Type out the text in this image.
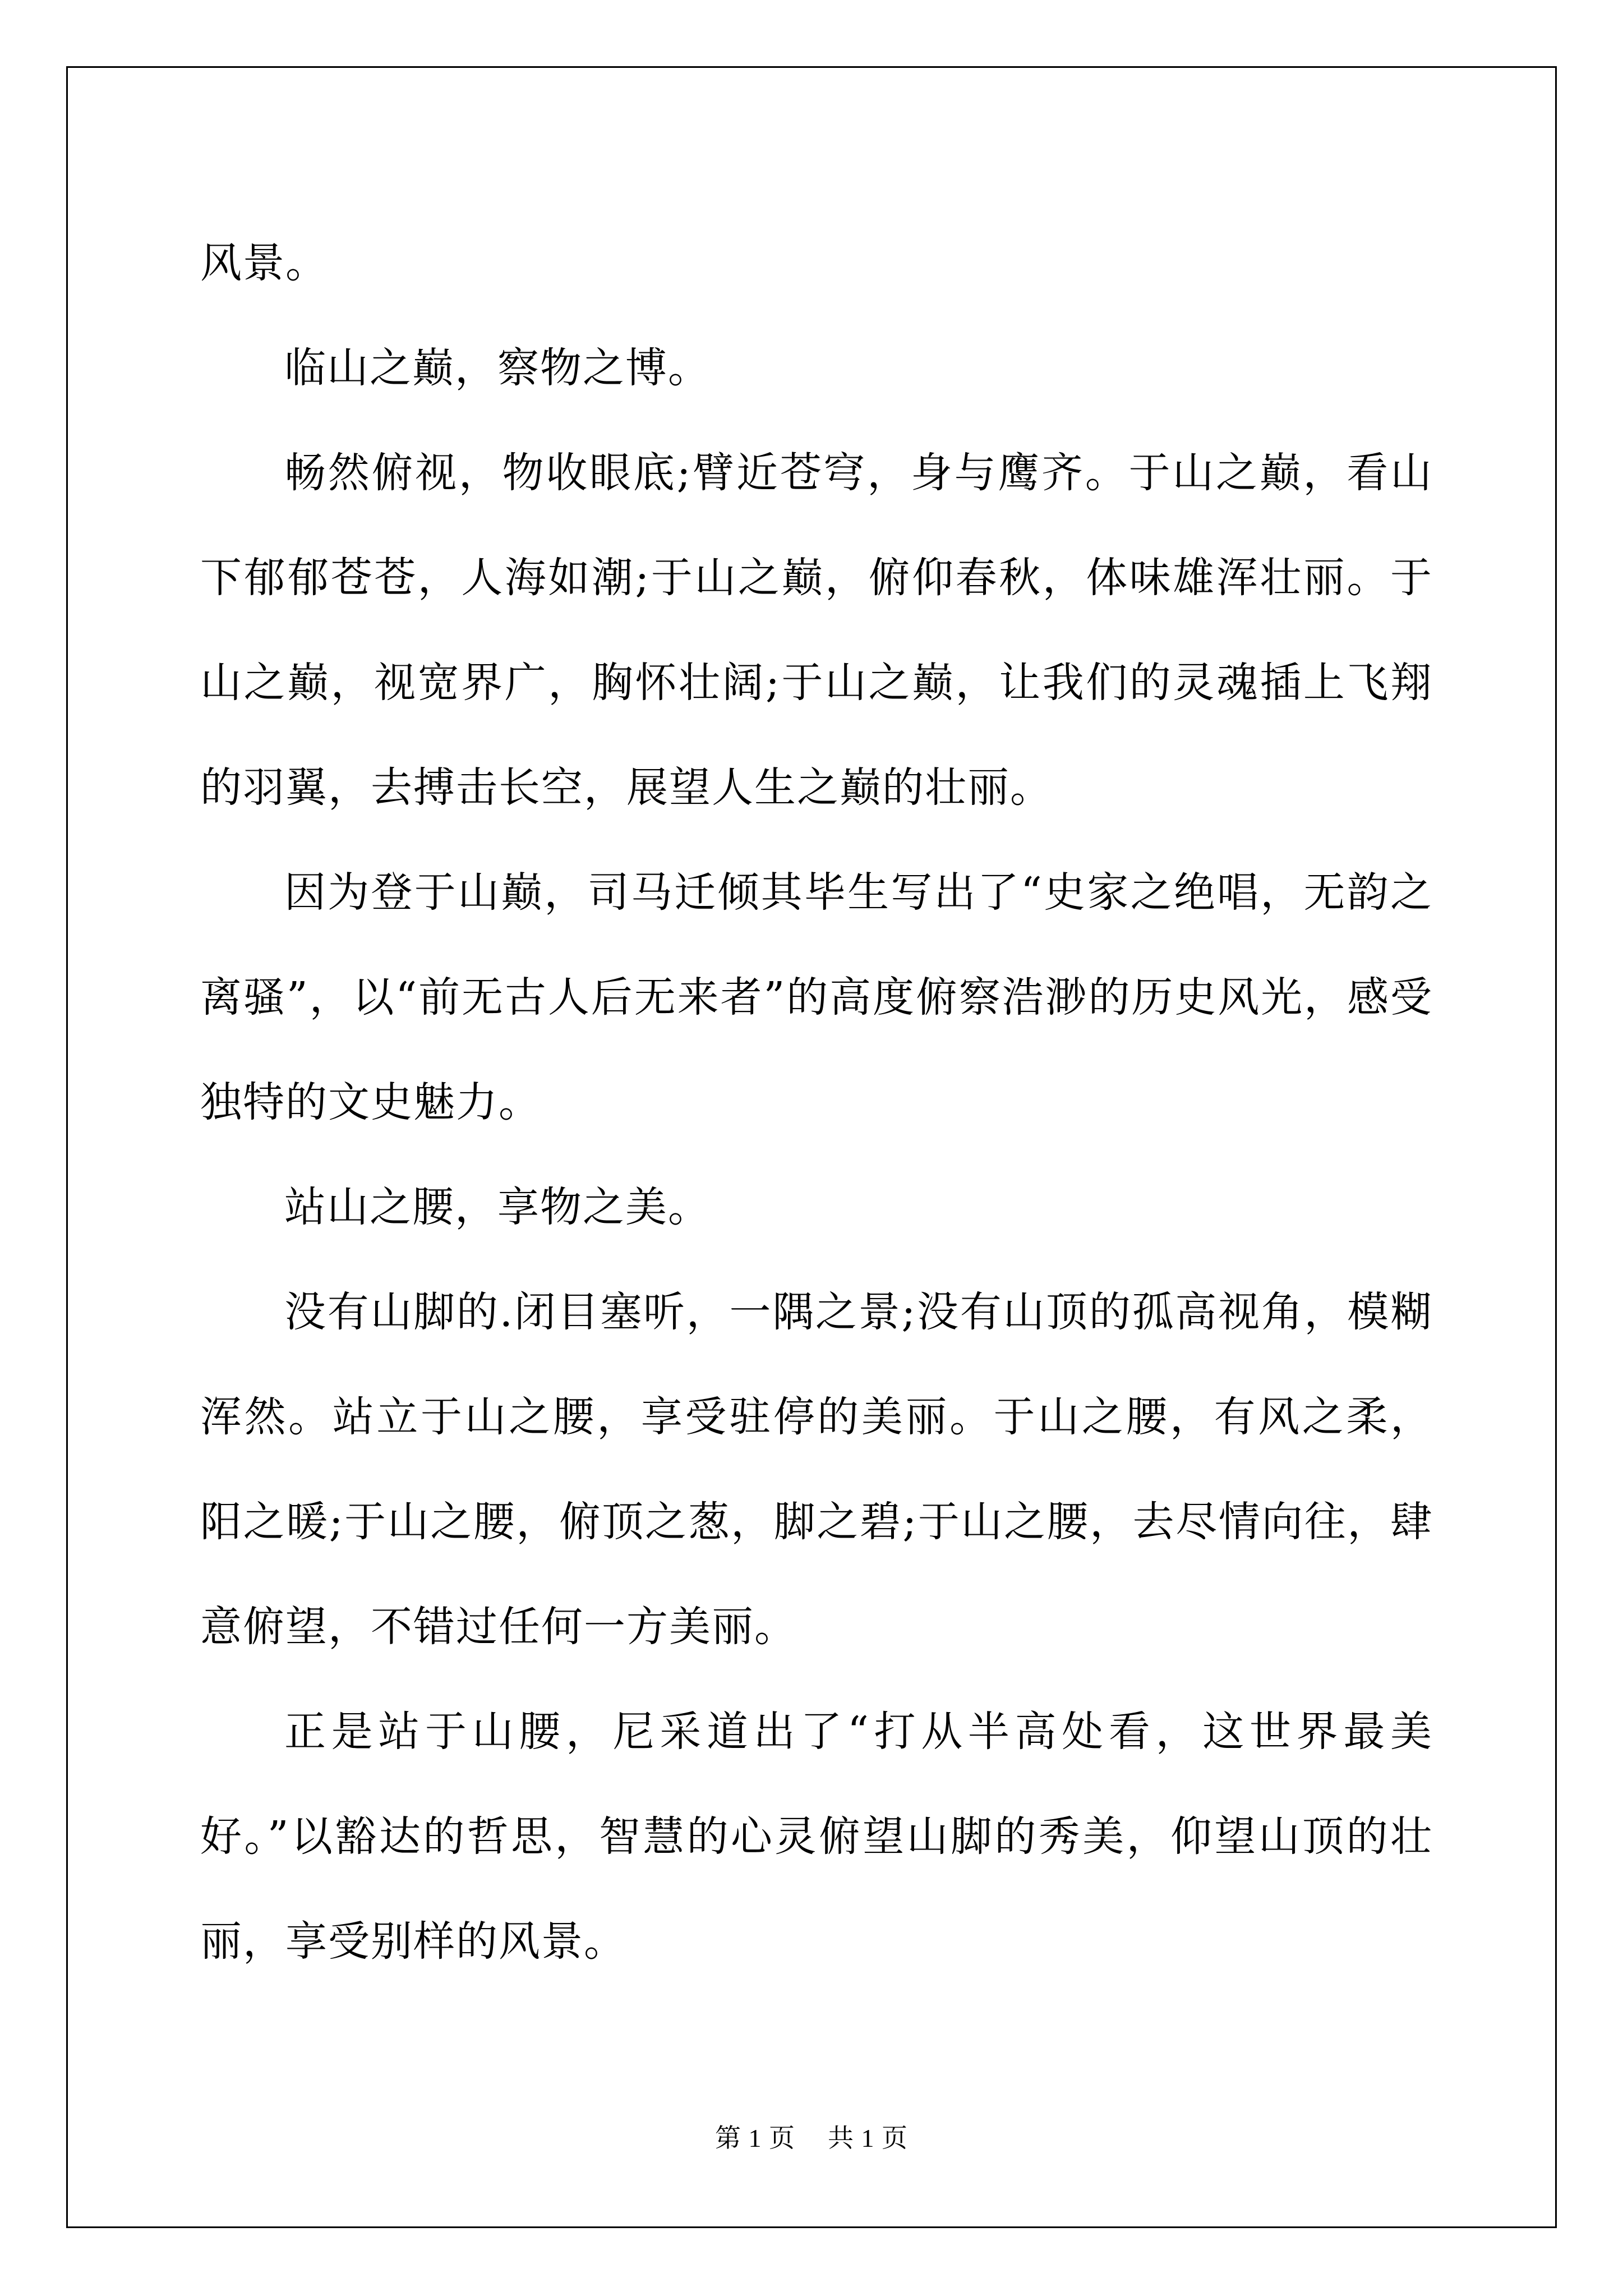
风景。

临山之巅，察物之博。

畅然俯视，物收眼底;臂近苍穹，身与鹰齐。于山之巅，看山下郁郁苍苍，人海如潮;于山之巅，俯仰春秋，体味雄浑壮丽。于山之巅，视宽界广，胸怀壮阔;于山之巅，让我们的灵魂插上飞翔的羽翼，去搏击长空，展望人生之巅的壮丽。

因为登于山巅，司马迁倾其毕生写出了“史家之绝唱，无韵之离骚”，以“前无古人后无来者”的高度俯察浩渺的历史风光，感受独特的文史魅力。

站山之腰，享物之美。

没有山脚的.闭目塞听，一隅之景;没有山顶的孤高视角，模糊浑然。站立于山之腰，享受驻停的美丽。于山之腰，有风之柔，阳之暖;于山之腰，俯顶之葱，脚之碧;于山之腰，去尽情向往，肆意俯望，不错过任何一方美丽。

正是站于山腰，尼采道出了“打从半高处看，这世界最美好。”以豁达的哲思，智慧的心灵俯望山脚的秀美，仰望山顶的壮丽，享受别样的风景。

第 1 页 共 1 页
